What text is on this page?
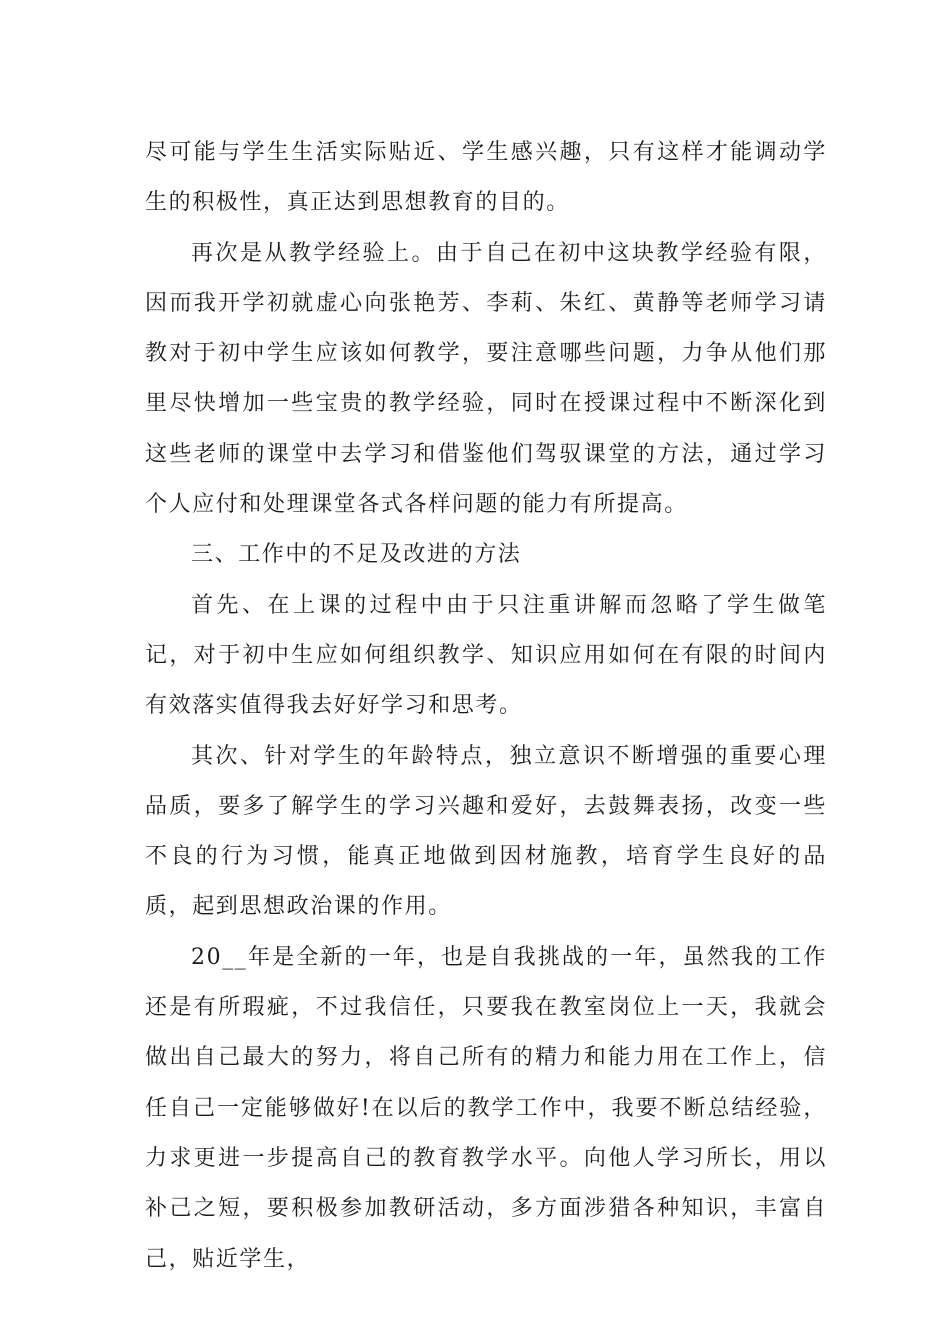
尽可能与学生生活实际贴近、学生感兴趣，只有这样才能调动学生的积极性，真正达到思想教育的目的。

再次是从教学经验上。由于自己在初中这块教学经验有限，因而我开学初就虚心向张艳芳、李莉、朱红、黄静等老师学习请教对于初中学生应该如何教学，要注意哪些问题，力争从他们那里尽快增加一些宝贵的教学经验，同时在授课过程中不断深化到这些老师的课堂中去学习和借鉴他们驾驭课堂的方法，通过学习个人应付和处理课堂各式各样问题的能力有所提高。

三、工作中的不足及改进的方法

首先、在上课的过程中由于只注重讲解而忽略了学生做笔记，对于初中生应如何组织教学、知识应用如何在有限的时间内有效落实值得我去好好学习和思考。

其次、针对学生的年龄特点，独立意识不断增强的重要心理品质，要多了解学生的学习兴趣和爱好，去鼓舞表扬，改变一些不良的行为习惯，能真正地做到因材施教，培育学生良好的品质，起到思想政治课的作用。

20__年是全新的一年，也是自我挑战的一年，虽然我的工作还是有所瑕疵，不过我信任，只要我在教室岗位上一天，我就会做出自己最大的努力，将自己所有的精力和能力用在工作上，信任自己一定能够做好!在以后的教学工作中，我要不断总结经验，力求更进一步提高自己的教育教学水平。向他人学习所长，用以补己之短，要积极参加教研活动，多方面涉猎各种知识，丰富自己，贴近学生，
